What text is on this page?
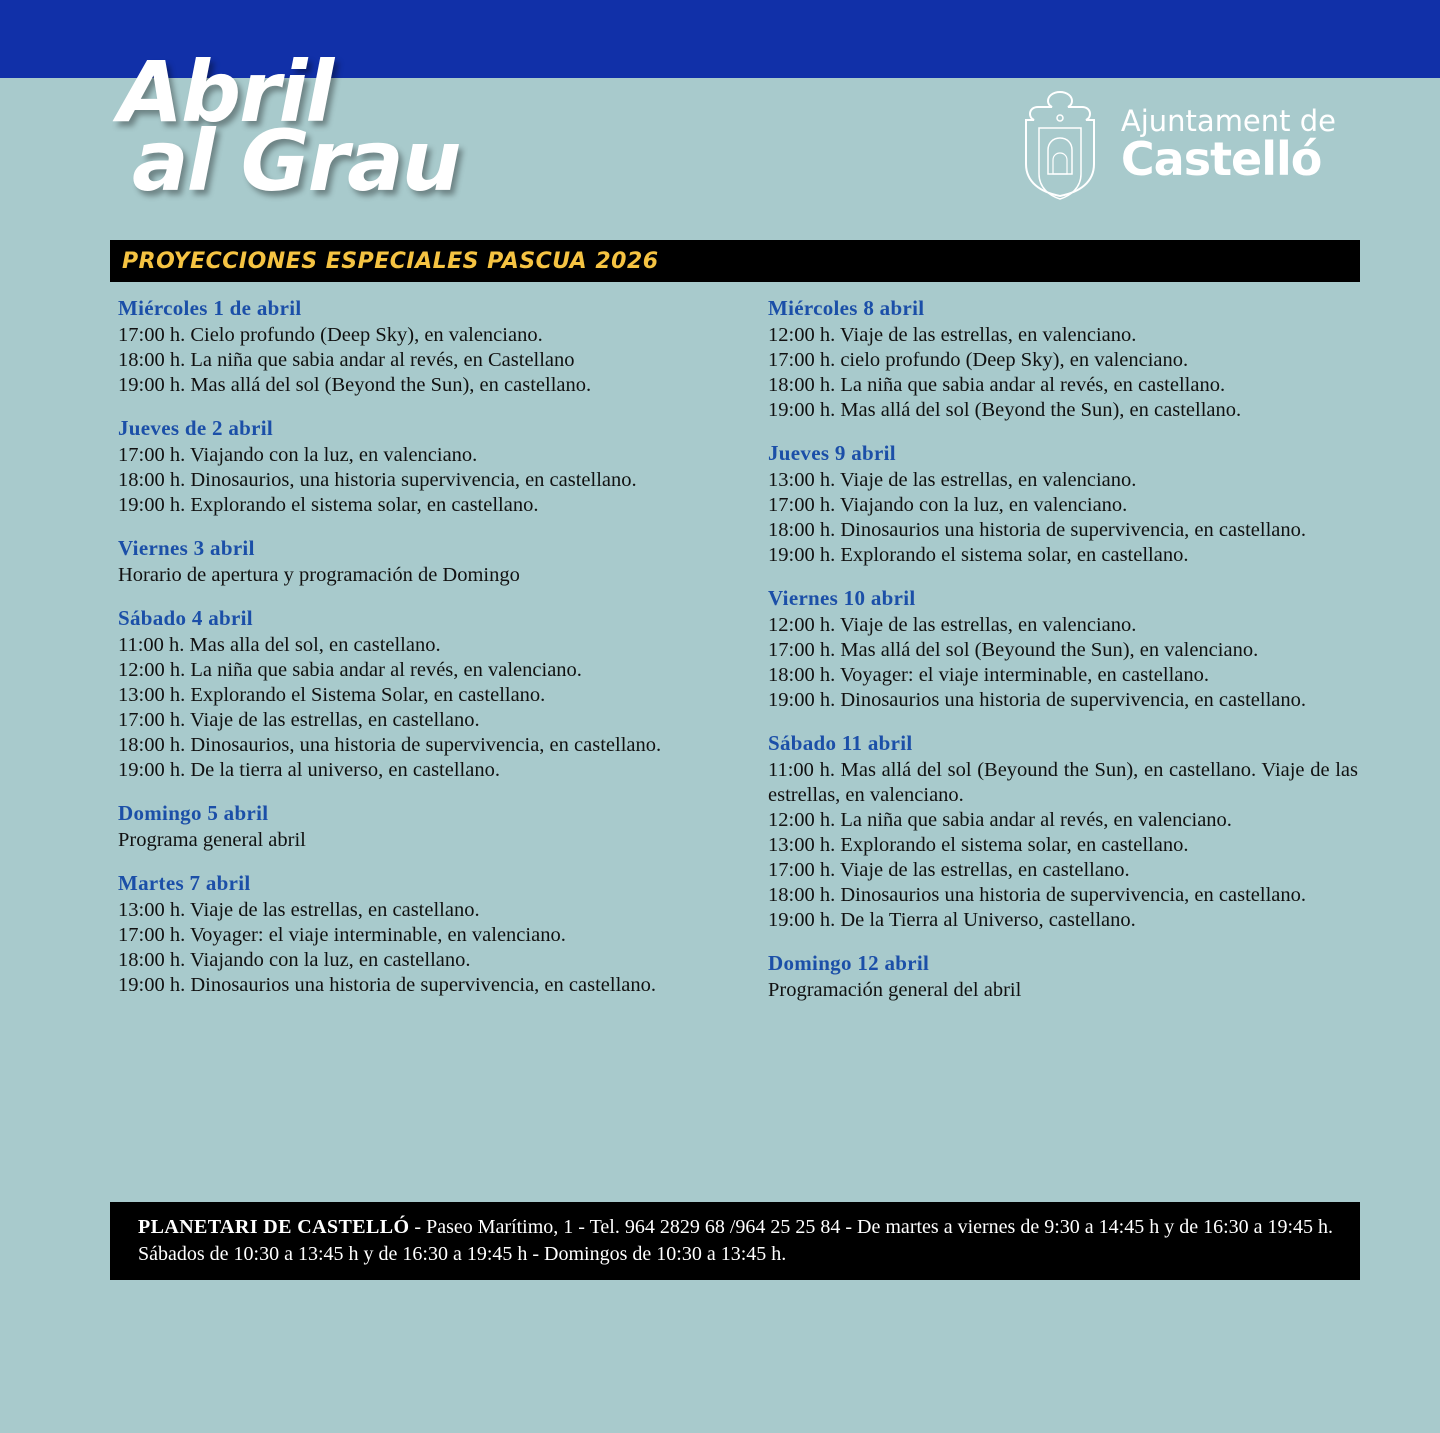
Abril
al Grau	Ajuntament de
Castelló
PROYECCIONES ESPECIALES PASCUA 2026
Miércoles 1 de abril

17:00 h. Cielo profundo (Deep Sky), en valenciano.

18:00 h. La niña que sabia andar al revés, en Castellano

19:00 h. Mas allá del sol (Beyond the Sun), en castellano.

Jueves de 2 abril

17:00 h. Viajando con la luz, en valenciano.

18:00 h. Dinosaurios, una historia supervivencia, en castellano.

19:00 h. Explorando el sistema solar, en castellano.

Viernes 3 abril

Horario de apertura y programación de Domingo

Sábado 4 abril

11:00 h. Mas alla del sol, en castellano.

12:00 h. La niña que sabia andar al revés, en valenciano.

13:00 h. Explorando el Sistema Solar, en castellano.

17:00 h. Viaje de las estrellas, en castellano.

18:00 h. Dinosaurios, una historia de supervivencia, en castellano.

19:00 h. De la tierra al universo, en castellano.

Domingo 5 abril

Programa general abril

Martes 7 abril

13:00 h. Viaje de las estrellas, en castellano.

17:00 h. Voyager: el viaje interminable, en valenciano.

18:00 h. Viajando con la luz, en castellano.

19:00 h. Dinosaurios una historia de supervivencia, en castellano.

Miércoles 8 abril

12:00 h. Viaje de las estrellas, en valenciano.

17:00 h. cielo profundo (Deep Sky), en valenciano.

18:00 h. La niña que sabia andar al revés, en castellano.

19:00 h. Mas allá del sol (Beyond the Sun), en castellano.

Jueves 9 abril

13:00 h. Viaje de las estrellas, en valenciano.

17:00 h. Viajando con la luz, en valenciano.

18:00 h. Dinosaurios una historia de supervivencia, en castellano.

19:00 h. Explorando el sistema solar, en castellano.

Viernes 10 abril

12:00 h. Viaje de las estrellas, en valenciano.

17:00 h. Mas allá del sol (Beyound the Sun), en valenciano.

18:00 h. Voyager: el viaje interminable, en castellano.

19:00 h. Dinosaurios una historia de supervivencia, en castellano.

Sábado 11 abril

11:00 h. Mas allá del sol (Beyound the Sun), en castellano. Viaje de las estrellas, en valenciano.

12:00 h. La niña que sabia andar al revés, en valenciano.

13:00 h. Explorando el sistema solar, en castellano.

17:00 h. Viaje de las estrellas, en castellano.

18:00 h. Dinosaurios una historia de supervivencia, en castellano.

19:00 h. De la Tierra al Universo, castellano.

Domingo 12 abril

Programación general del abril

PLANETARI DE CASTELLÓ - Paseo Marítimo, 1 - Tel. 964 2829 68 /964 25 25 84 - De martes a viernes de 9:30 a 14:45 h y de 16:30 a 19:45 h. Sábados de 10:30 a 13:45 h y de 16:30 a 19:45 h - Domingos de 10:30 a 13:45 h.
